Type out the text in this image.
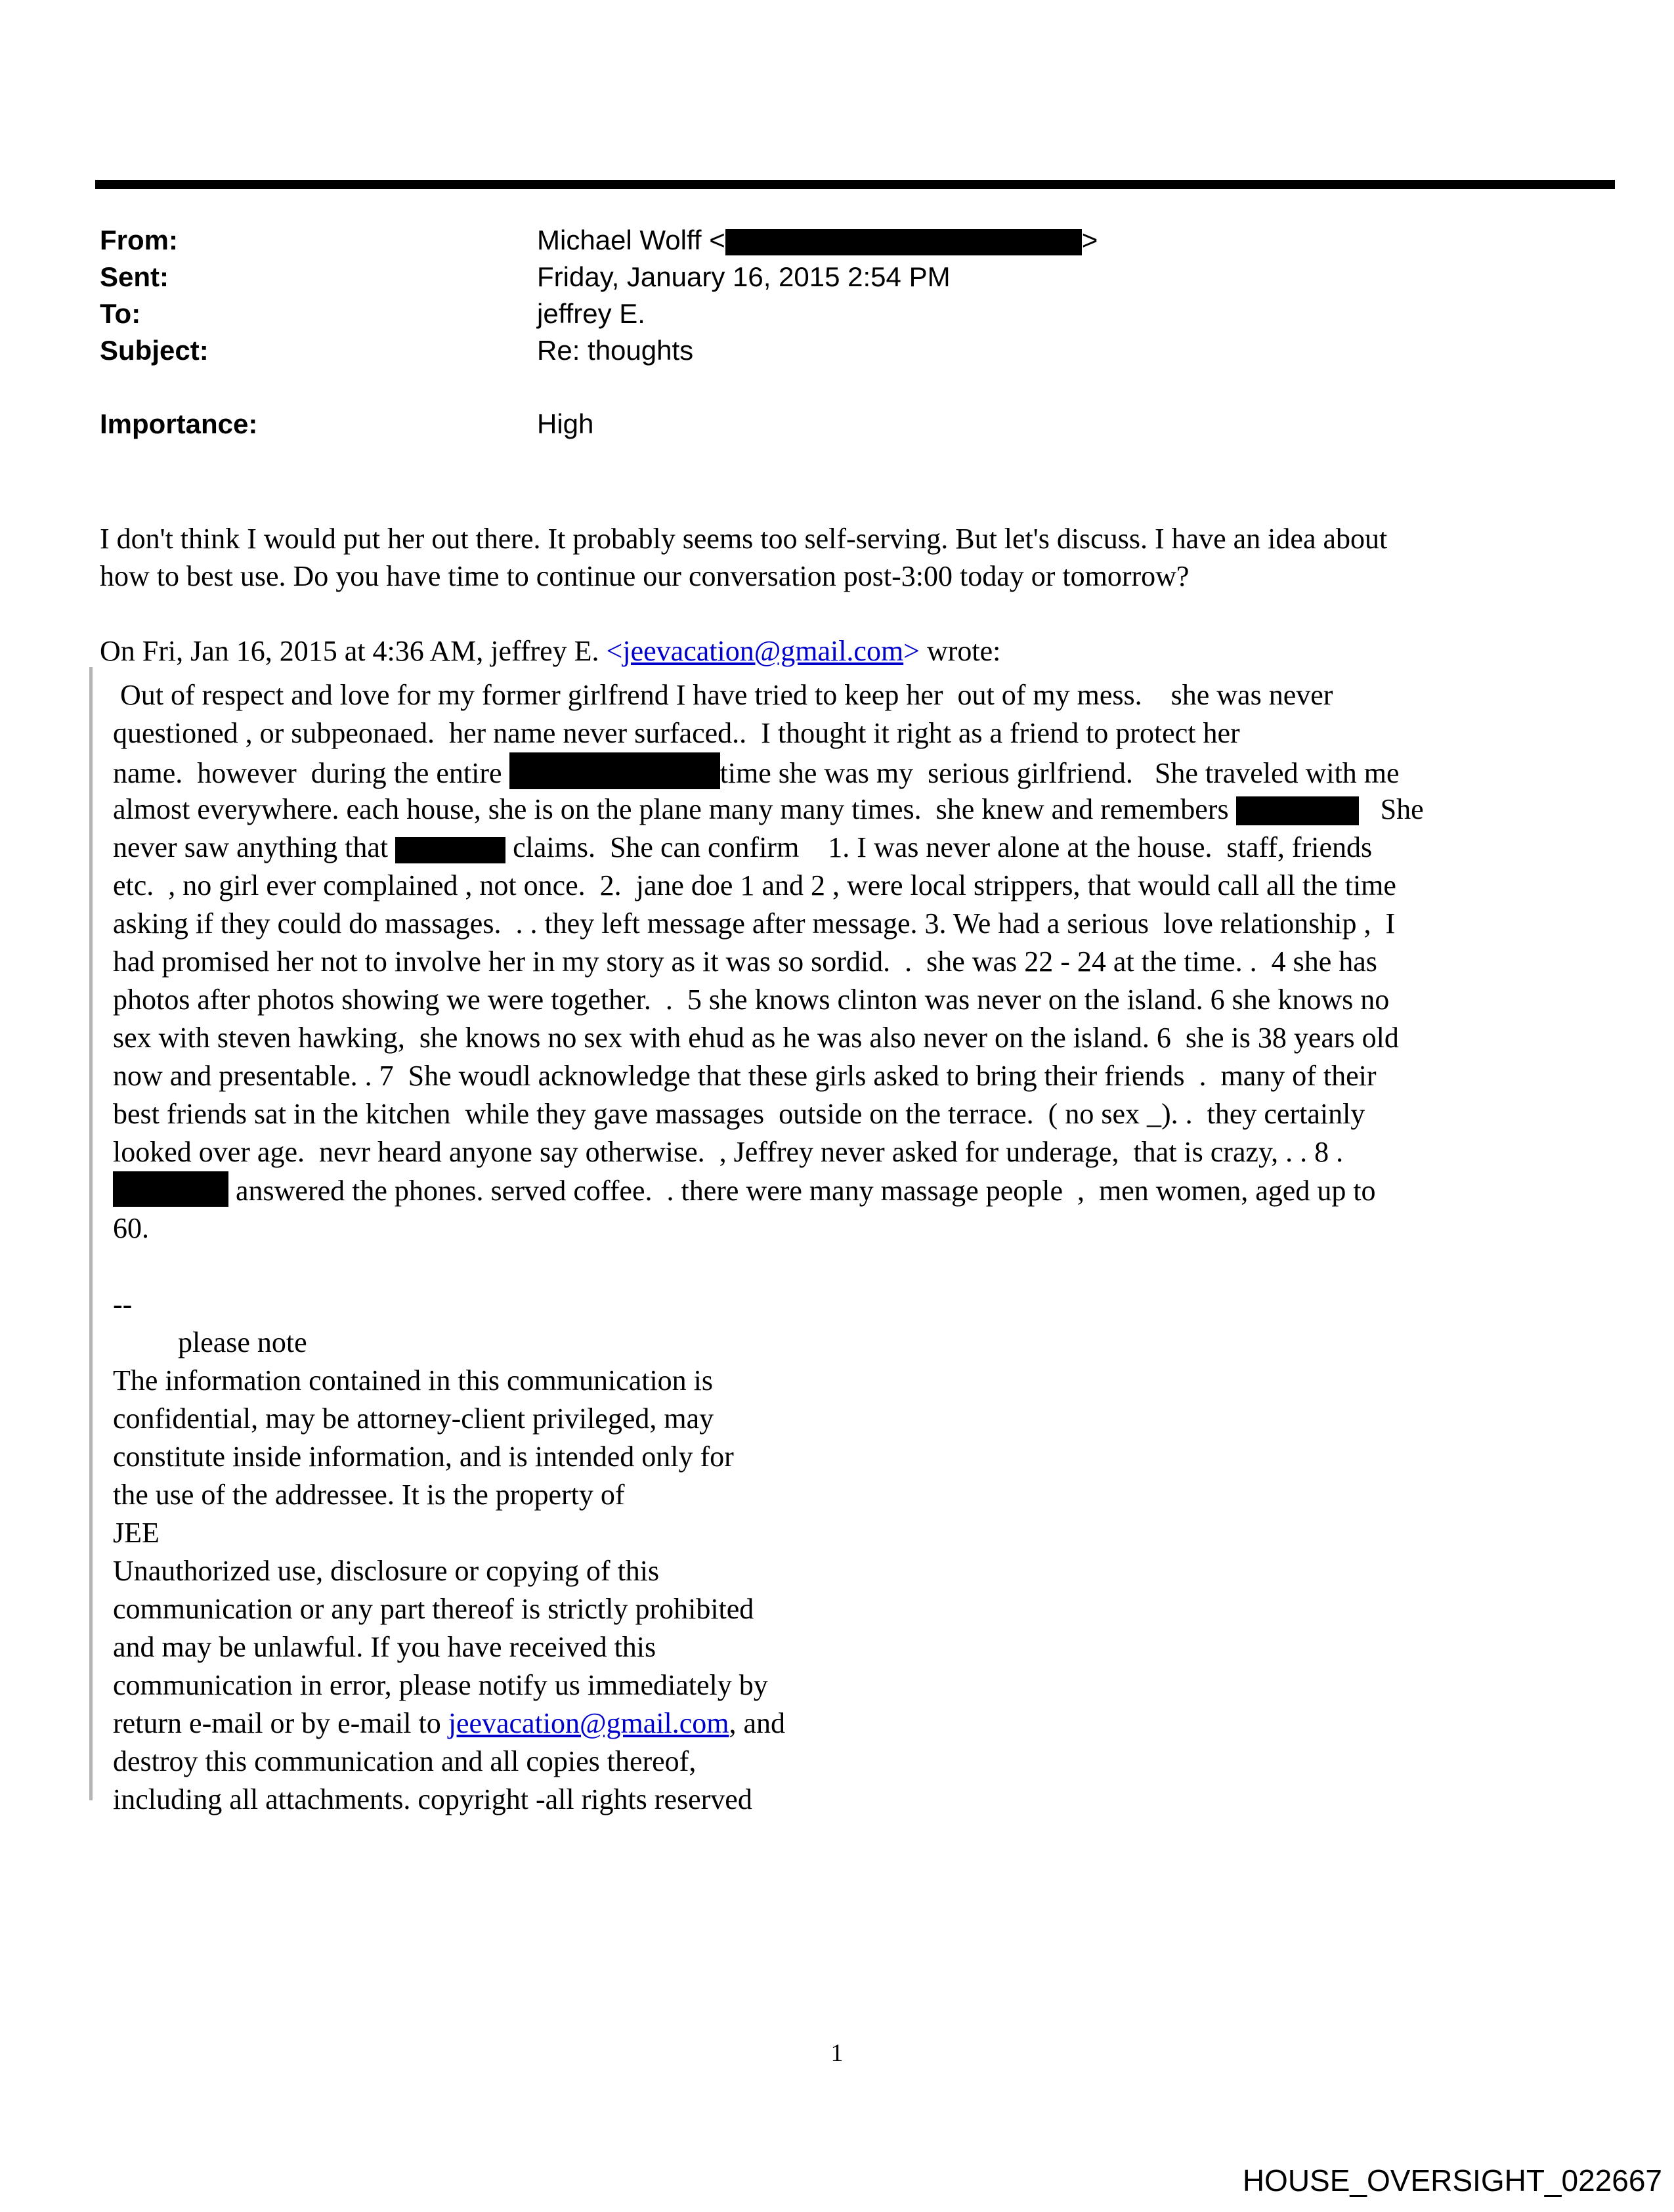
From:	Michael Wolff <	>
Sent:	Friday, January 16, 2015 2:54 PM
To:	jeffrey E.
Subject:	Re: thoughts

Importance:	High
I don't think I would put her out there. It probably seems too self-serving. But let's discuss. I have an idea about
how to best use. Do you have time to continue our conversation post-3:00 today or tomorrow?

On Fri, Jan 16, 2015 at 4:36 AM, jeffrey E. <jeevacation@gmail.com> wrote:
Out of respect and love for my former girlfrend I have tried to keep her  out of my mess.    she was never
questioned , or subpeonaed.  her name never surfaced..  I thought it right as a friend to protect her
name.  however  during the entire	time she was my  serious girlfriend.   She traveled with me
almost everywhere. each house, she is on the plane many many times.  she knew and remembers	She
never saw anything that	claims.  She can confirm    1. I was never alone at the house.  staff, friends
etc.  , no girl ever complained , not once.  2.  jane doe 1 and 2 , were local strippers, that would call all the time
asking if they could do massages.  . . they left message after message. 3. We had a serious  love relationship ,  I
had promised her not to involve her in my story as it was so sordid.  .  she was 22 - 24 at the time. .  4 she has
photos after photos showing we were together.  .  5 she knows clinton was never on the island. 6 she knows no
sex with steven hawking,  she knows no sex with ehud as he was also never on the island. 6  she is 38 years old
now and presentable. . 7  She woudl acknowledge that these girls asked to bring their friends  .  many of their
best friends sat in the kitchen  while they gave massages  outside on the terrace.  ( no sex _). .  they certainly
looked over age.  nevr heard anyone say otherwise.  , Jeffrey never asked for underage,  that is crazy, . . 8 .
answered the phones. served coffee.  . there were many massage people  ,  men women, aged up to
60.

--
please note
The information contained in this communication is
confidential, may be attorney-client privileged, may
constitute inside information, and is intended only for
the use of the addressee. It is the property of
JEE
Unauthorized use, disclosure or copying of this
communication or any part thereof is strictly prohibited
and may be unlawful. If you have received this
communication in error, please notify us immediately by
return e-mail or by e-mail to jeevacation@gmail.com, and
destroy this communication and all copies thereof,
including all attachments. copyright -all rights reserved
1
HOUSE_OVERSIGHT_022667
